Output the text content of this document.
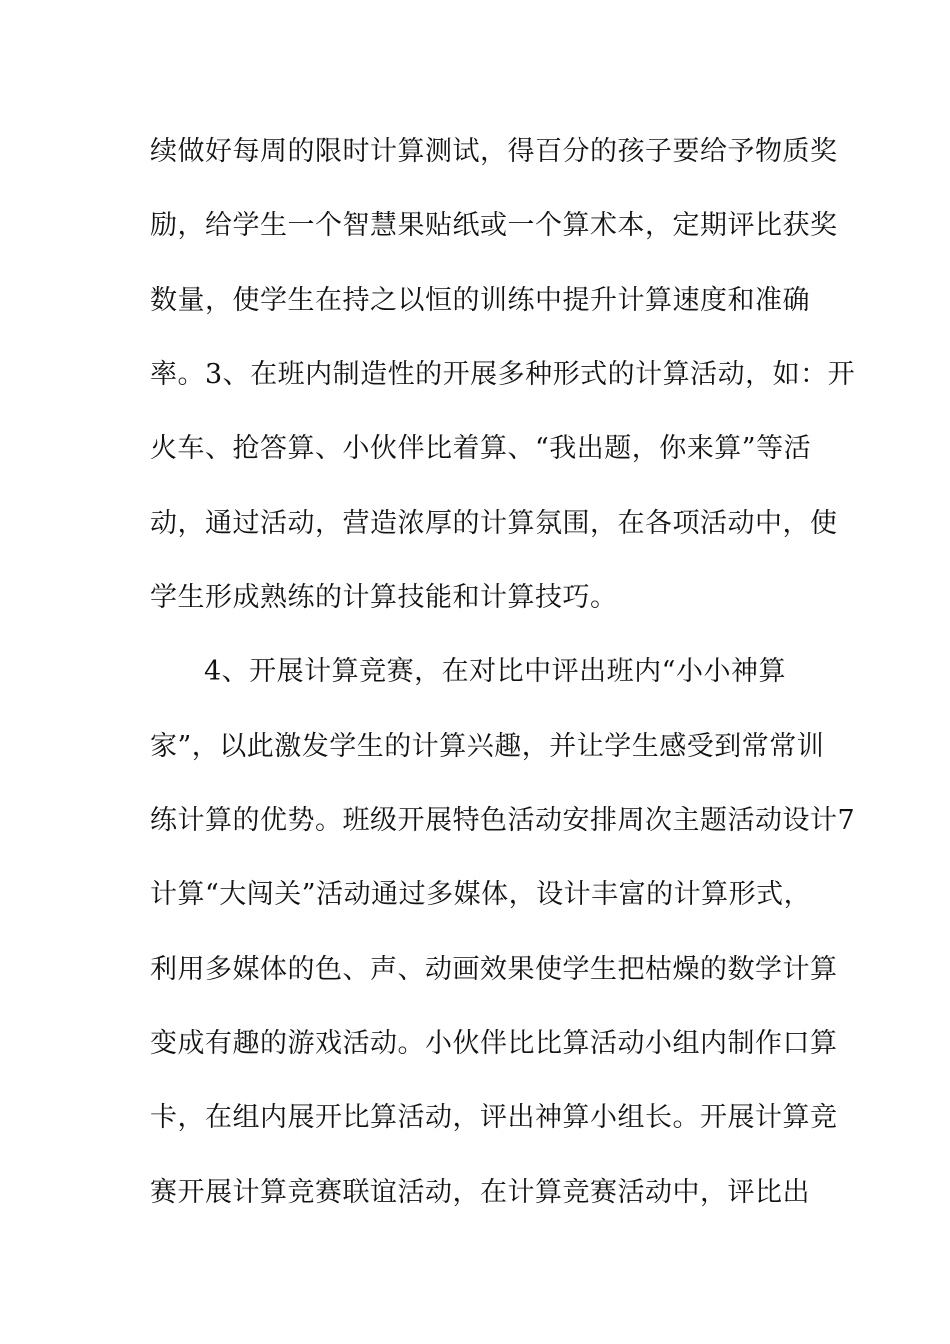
续做好每周的限时计算测试，得百分的孩子要给予物质奖

励，给学生一个智慧果贴纸或一个算术本，定期评比获奖

数量，使学生在持之以恒的训练中提升计算速度和准确

率。3、在班内制造性的开展多种形式的计算活动，如：开

火车、抢答算、小伙伴比着算、“我出题，你来算”等活

动，通过活动，营造浓厚的计算氛围，在各项活动中，使

学生形成熟练的计算技能和计算技巧。

4、开展计算竞赛，在对比中评出班内“小小神算

家”，以此激发学生的计算兴趣，并让学生感受到常常训

练计算的优势。班级开展特色活动安排周次主题活动设计7

计算“大闯关”活动通过多媒体，设计丰富的计算形式，

利用多媒体的色、声、动画效果使学生把枯燥的数学计算

变成有趣的游戏活动。小伙伴比比算活动小组内制作口算

卡，在组内展开比算活动，评出神算小组长。开展计算竞

赛开展计算竞赛联谊活动，在计算竞赛活动中，评比出
